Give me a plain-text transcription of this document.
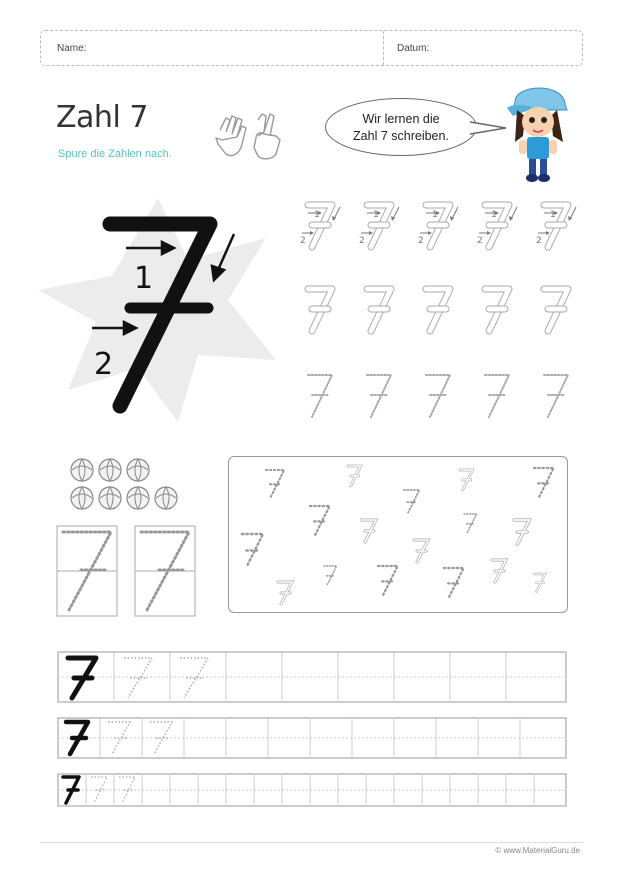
Name:	Datum:
Zahl 7
Spure die Zahlen nach.
Wir lernen die
Zahl 7 schreiben.
1
2
1
2
1
2
1
2
1
2
1
2
© www.MaterialGuru.de
